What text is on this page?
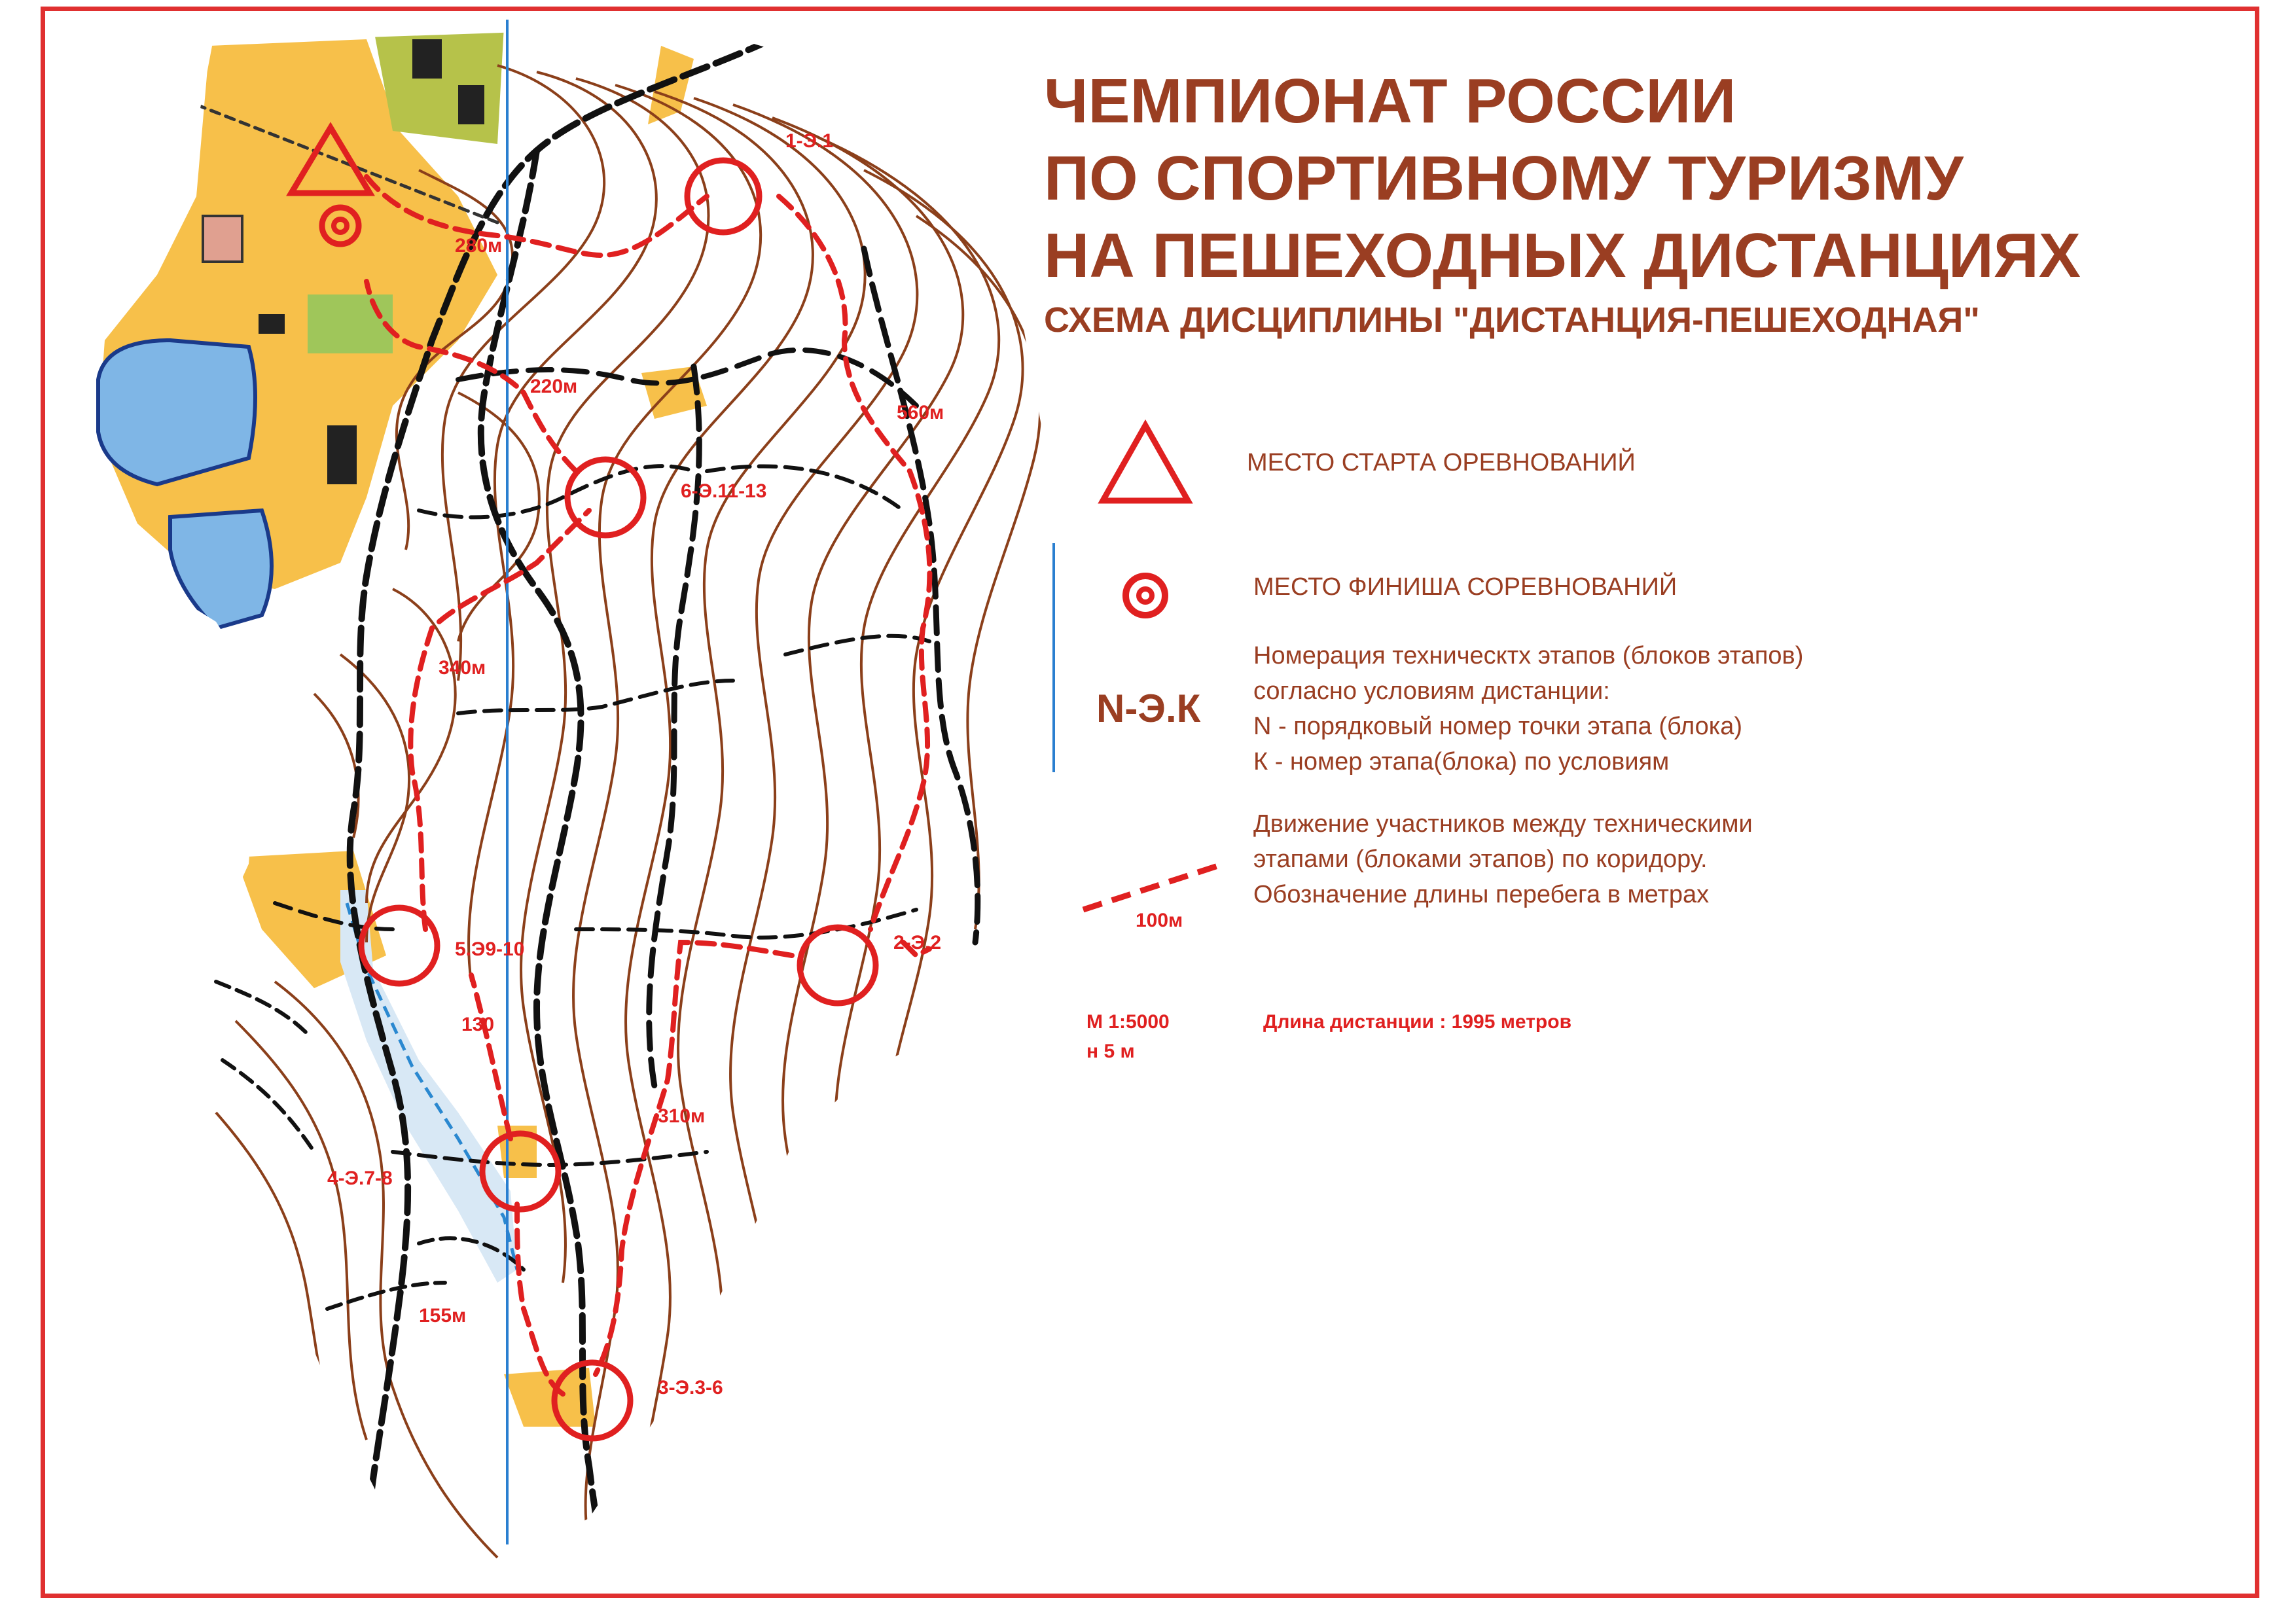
1-Э.1
2-Э.2
3-Э.3-6
4-Э.7-8
5.Э9-10
6-Э.11-13
280м
220м
560м
340м
130
310м
155м
ЧЕМПИОНАТ РОССИИ
ПО СПОРТИВНОМУ ТУРИЗМУ
НА ПЕШЕХОДНЫХ ДИСТАНЦИЯХ
СХЕМА ДИСЦИПЛИНЫ "ДИСТАНЦИЯ-ПЕШЕХОДНАЯ"
МЕСТО СТАРТА ОРЕВНОВАНИЙ
МЕСТО ФИНИША СОРЕВНОВАНИЙ
N-Э.К
Номерация техническтх этапов (блоков этапов)
согласно условиям дистанции:
N - порядковый номер точки этапа (блока)
К - номер этапа(блока) по условиям
Движение участников между техническими
этапами (блоками этапов) по коридору.
Обозначение длины перебега в метрах
100м
М 1:5000
н 5 м
Длина дистанции : 1995 метров
